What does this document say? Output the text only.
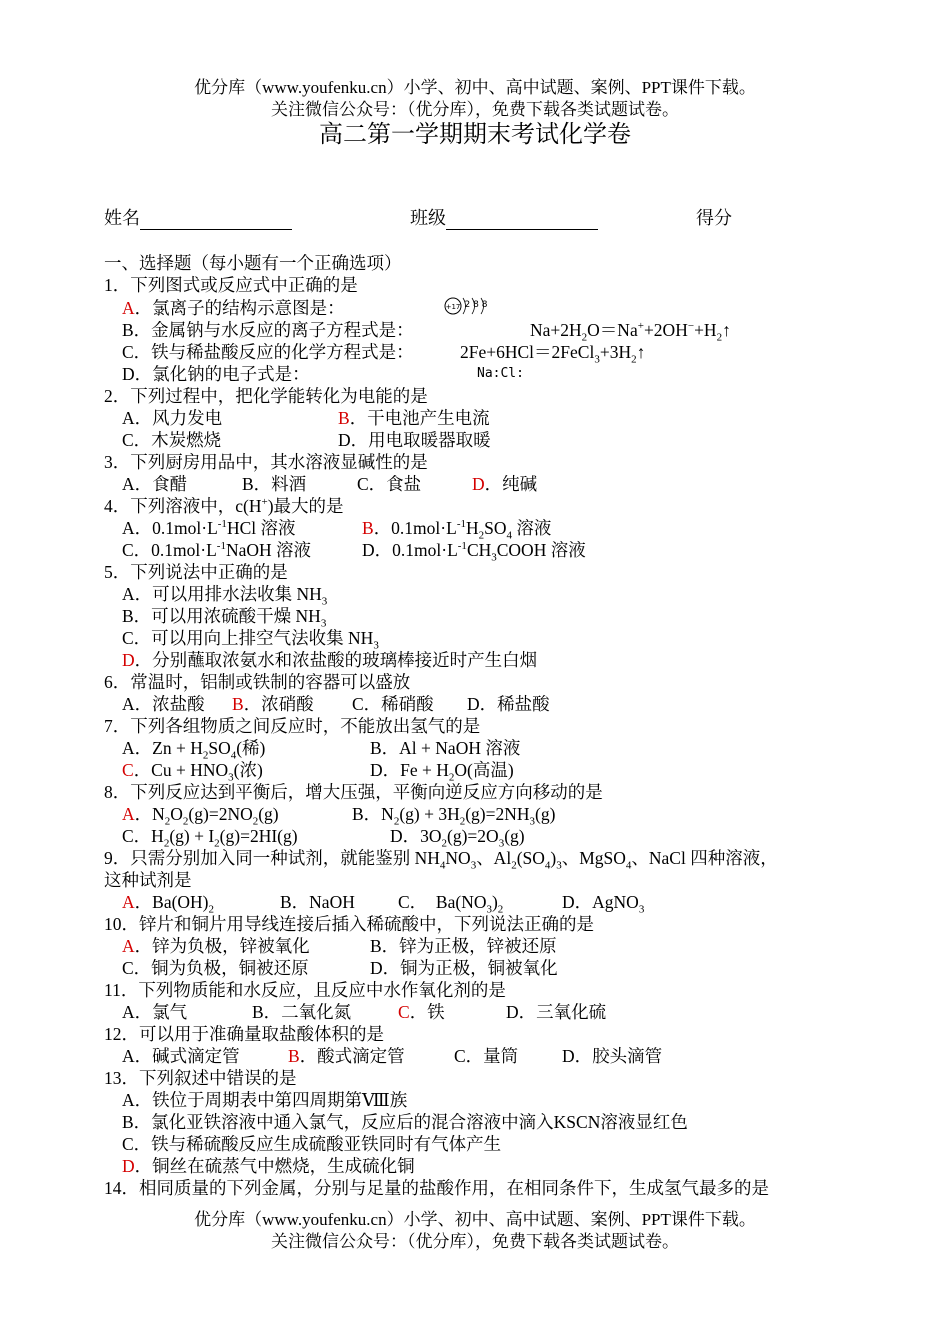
优分库（www.youfenku.cn）小学、初中、高中试题、案例、PPT课件下载。
关注微信公众号：（优分库），免费下载各类试题试卷。
高二第一学期期末考试化学卷
姓名	班级	得分
一、选择题（每小题有一个正确选项）
1．下列图式或反应式中正确的是
A．氯离子的结构示意图是：	+17 2 8 8
B．金属钠与水反应的离子方程式是：	$Na+2H_2O=Na^++2OH^-+H_2↑$
C．铁与稀盐酸反应的化学方程式是：	$2Fe+6HCl=2FeCl_3+3H_2↑$
D．氯化钠的电子式是：	Na:Cl:
2．下列过程中，把化学能转化为电能的是
A．风力发电	B．干电池产生电流
C．木炭燃烧	D．用电取暖器取暖
3．下列厨房用品中，其水溶液显碱性的是
A．食醋	B．料酒	C．食盐	D．纯碱
4．下列溶液中，c(H+)最大的是
A．$0.1mol\cdot L^{-1}HCl$ 溶液	B．$0.1mol\cdot L^{-1}H_2SO_4$ 溶液
C．$0.1mol\cdot L^{-1}NaOH$ 溶液	D．$0.1mol\cdot L^{-1}CH_3COOH$ 溶液
5．下列说法中正确的是
A．可以用排水法收集 $NH_3$
B．可以用浓硫酸干燥 $NH_3$
C．可以用向上排空气法收集 $NH_3$
D．分别蘸取浓氨水和浓盐酸的玻璃棒接近时产生白烟
6．常温时，铝制或铁制的容器可以盛放
A．浓盐酸 B．浓硝酸 C．稀硝酸 D．稀盐酸
7．下列各组物质之间反应时，不能放出氢气的是
A．$Zn + H_2SO_4$(稀)	B．Al + NaOH 溶液
C．$Cu + HNO_3$(浓)	D．$Fe + H_2O$(高温)
8．下列反应达到平衡后，增大压强，平衡向逆反应方向移动的是
A．$N_2O_2(g)=2NO_2(g)$	B．$N_2(g) + 3H_2(g)=2NH_3(g)$
C．$H_2(g) + I_2(g)=2HI(g)$	D．$3O_2(g)=2O_3(g)$
9．只需分别加入同一种试剂，就能鉴别 $NH_4NO_3$、$Al_2(SO_4)_3$、MgSO$_4$、NaCl 四种溶液，
这种试剂是
A．$Ba(OH)_2$	B．NaOH C．  $Ba(NO_3)_2$	D．AgNO$_3$
10．锌片和铜片用导线连接后插入稀硫酸中，下列说法正确的是
A．锌为负极，锌被氧化	B．锌为正极，锌被还原
C．铜为负极，铜被还原	D．铜为正极，铜被氧化
11．下列物质能和水反应，且反应中水作氧化剂的是
A．氯气	B．二氧化氮	C．铁	D．三氧化硫
12．可以用于准确量取盐酸体积的是
A．碱式滴定管	B．酸式滴定管	C．量筒	D．胶头滴管
13．下列叙述中错误的是
A．铁位于周期表中第四周期第Ⅷ族
B．氯化亚铁溶液中通入氯气，反应后的混合溶液中滴入KSCN溶液显红色
C．铁与稀硫酸反应生成硫酸亚铁同时有气体产生
D．铜丝在硫蒸气中燃烧，生成硫化铜
14．相同质量的下列金属，分别与足量的盐酸作用，在相同条件下，生成氢气最多的是
优分库（www.youfenku.cn）小学、初中、高中试题、案例、PPT课件下载。
关注微信公众号：（优分库），免费下载各类试题试卷。
